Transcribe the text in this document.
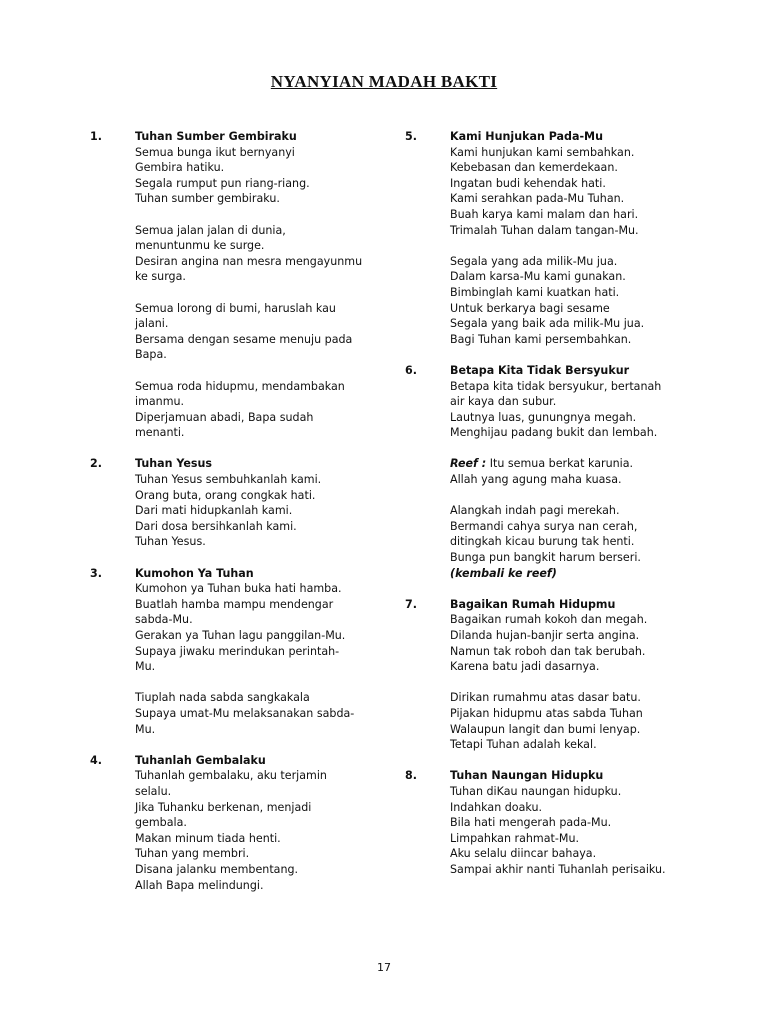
NYANYIAN MADAH BAKTI
1.	Tuhan Sumber Gembiraku
Semua bunga ikut bernyanyi
Gembira hatiku.
Segala rumput pun riang-riang.
Tuhan sumber gembiraku.
Semua jalan jalan di dunia,
menuntunmu ke surge.
Desiran angina nan mesra mengayunmu
ke surga.
Semua lorong di bumi, haruslah kau
jalani.
Bersama dengan sesame menuju pada
Bapa.
Semua roda hidupmu, mendambakan
imanmu.
Diperjamuan abadi, Bapa sudah
menanti.
2.	Tuhan Yesus
Tuhan Yesus sembuhkanlah kami.
Orang buta, orang congkak hati.
Dari mati hidupkanlah kami.
Dari dosa bersihkanlah kami.
Tuhan Yesus.
3.	Kumohon Ya Tuhan
Kumohon ya Tuhan buka hati hamba.
Buatlah hamba mampu mendengar
sabda-Mu.
Gerakan ya Tuhan lagu panggilan-Mu.
Supaya jiwaku merindukan perintah-
Mu.
Tiuplah nada sabda sangkakala
Supaya umat-Mu melaksanakan sabda-
Mu.
4.	Tuhanlah Gembalaku
Tuhanlah gembalaku, aku terjamin
selalu.
Jika Tuhanku berkenan, menjadi
gembala.
Makan minum tiada henti.
Tuhan yang membri.
Disana jalanku membentang.
Allah Bapa melindungi.
5.	Kami Hunjukan Pada-Mu
Kami hunjukan kami sembahkan.
Kebebasan dan kemerdekaan.
Ingatan budi kehendak hati.
Kami serahkan pada-Mu Tuhan.
Buah karya kami malam dan hari.
Trimalah Tuhan dalam tangan-Mu.
Segala yang ada milik-Mu jua.
Dalam karsa-Mu kami gunakan.
Bimbinglah kami kuatkan hati.
Untuk berkarya bagi sesame
Segala yang baik ada milik-Mu jua.
Bagi Tuhan kami persembahkan.
6.	Betapa Kita Tidak Bersyukur
Betapa kita tidak bersyukur, bertanah
air kaya dan subur.
Lautnya luas, gunungnya megah.
Menghijau padang bukit dan lembah.
Reef : Itu semua berkat karunia.
Allah yang agung maha kuasa.
Alangkah indah pagi merekah.
Bermandi cahya surya nan cerah,
ditingkah kicau burung tak henti.
Bunga pun bangkit harum berseri.
(kembali ke reef)
7.	Bagaikan Rumah Hidupmu
Bagaikan rumah kokoh dan megah.
Dilanda hujan-banjir serta angina.
Namun tak roboh dan tak berubah.
Karena batu jadi dasarnya.
Dirikan rumahmu atas dasar batu.
Pijakan hidupmu atas sabda Tuhan
Walaupun langit dan bumi lenyap.
Tetapi Tuhan adalah kekal.
8.	Tuhan Naungan Hidupku
Tuhan diKau naungan hidupku.
Indahkan doaku.
Bila hati mengerah pada-Mu.
Limpahkan rahmat-Mu.
Aku selalu diincar bahaya.
Sampai akhir nanti Tuhanlah perisaiku.
17
